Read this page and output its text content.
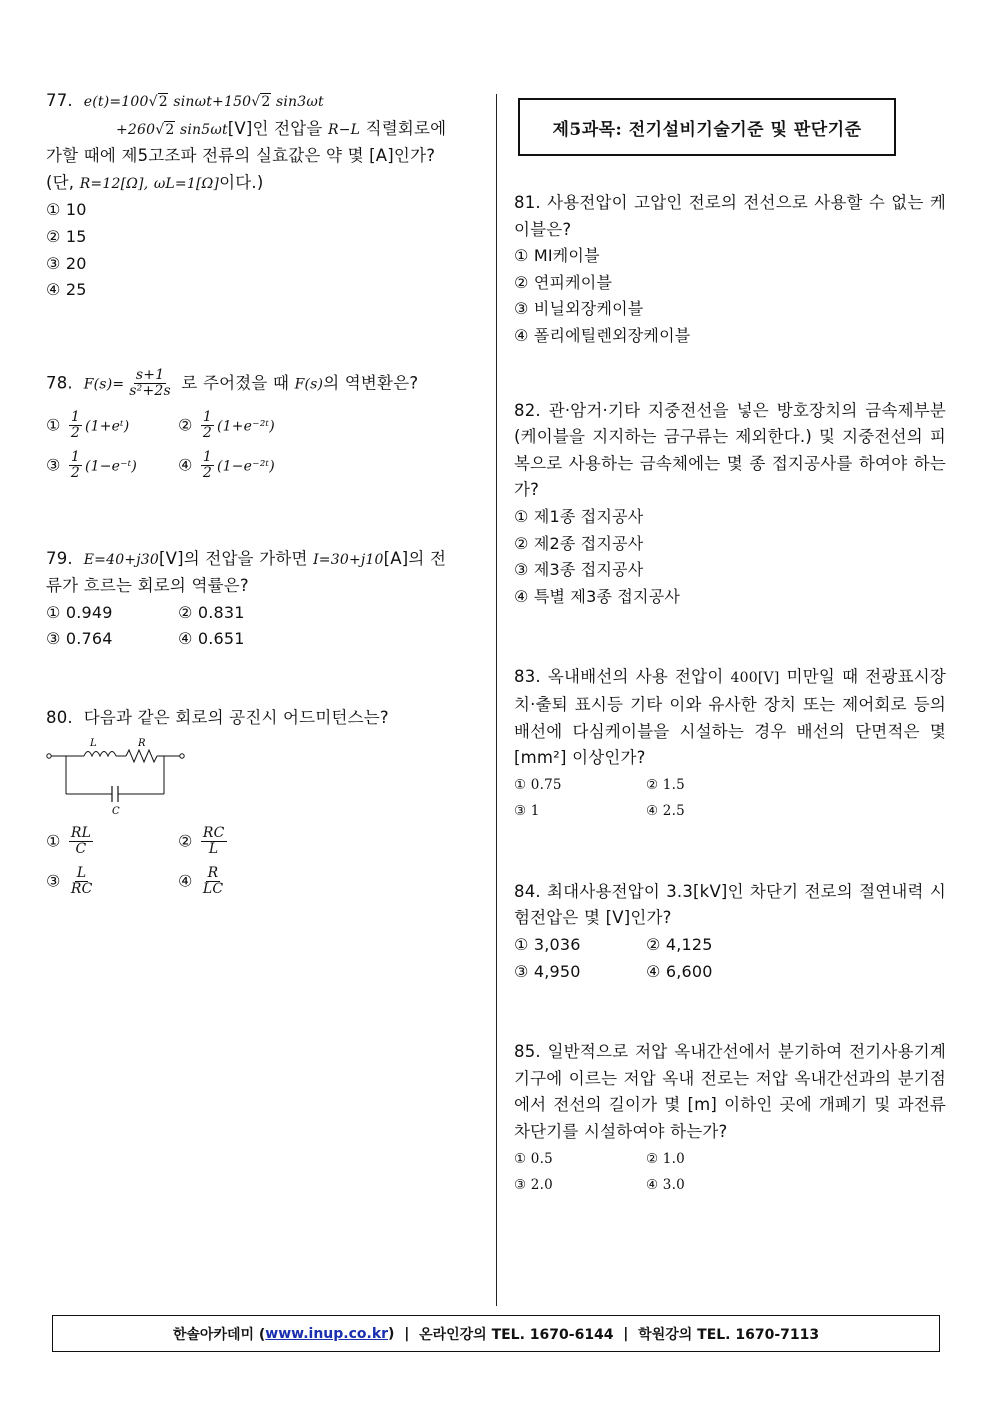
77. e(t)=100√2 sinωt+150√2 sin3ωt
+260√2 sin5ωt[V]인 전압을 R−L 직렬회로에
가할 때에 제5고조파 전류의 실효값은 약 몇 [A]인가?
(단, R=12[Ω], ωL=1[Ω]이다.)
① 10
② 15
③ 20
④ 25
78. $F(s)= \frac{s+1}{\text{s²+2s}}$ 로 주어졌을 때 F(s)의 역변환은?
① $\frac{1}{2}$ (1+eᵗ)	② $\frac{1}{2}$ (1+e⁻²ᵗ)
③ $\frac{1}{2}$ (1−e⁻ᵗ)	④ $\frac{1}{2}$ (1−e⁻²ᵗ)
79. E=40+j30[V]의 전압을 가하면 I=30+j10[A]의 전
류가 흐르는 회로의 역률은?
① 0.949	② 0.831
③ 0.764	④ 0.651
80. 다음과 같은 회로의 공진시 어드미턴스는?
L	R
C
① $\frac{RL}{C}$	② $\frac{RC}{L}$
③ $\frac{L}{RC}$	④ $\frac{R}{LC}$
제5과목: 전기설비기술기준 및 판단기준
81. 사용전압이 고압인 전로의 전선으로 사용할 수 없는 케이블은?
① MI케이블
② 연피케이블
③ 비닐외장케이블
④ 폴리에틸렌외장케이블
82. 관·암거·기타 지중전선을 넣은 방호장치의 금속제부분(케이블을 지지하는 금구류는 제외한다.) 및 지중전선의 피복으로 사용하는 금속체에는 몇 종 접지공사를 하여야 하는가?
① 제1종 접지공사
② 제2종 접지공사
③ 제3종 접지공사
④ 특별 제3종 접지공사
83. 옥내배선의 사용 전압이 400[V] 미만일 때 전광표시장치·출퇴 표시등 기타 이와 유사한 장치 또는 제어회로 등의 배선에 다심케이블을 시설하는 경우 배선의 단면적은 몇 [mm²] 이상인가?
① 0.75	② 1.5
③ 1	④ 2.5
84. 최대사용전압이 3.3[kV]인 차단기 전로의 절연내력 시험전압은 몇 [V]인가?
① 3,036	② 4,125
③ 4,950	④ 6,600
85. 일반적으로 저압 옥내간선에서 분기하여 전기사용기계기구에 이르는 저압 옥내 전로는 저압 옥내간선과의 분기점에서 전선의 길이가 몇 [m] 이하인 곳에 개폐기 및 과전류 차단기를 시설하여야 하는가?
① 0.5	② 1.0
③ 2.0	④ 3.0
한솔아카데미 ( www.inup.co.kr )
|
온라인강의 TEL. 1670-6144
|
학원강의 TEL. 1670-7113
